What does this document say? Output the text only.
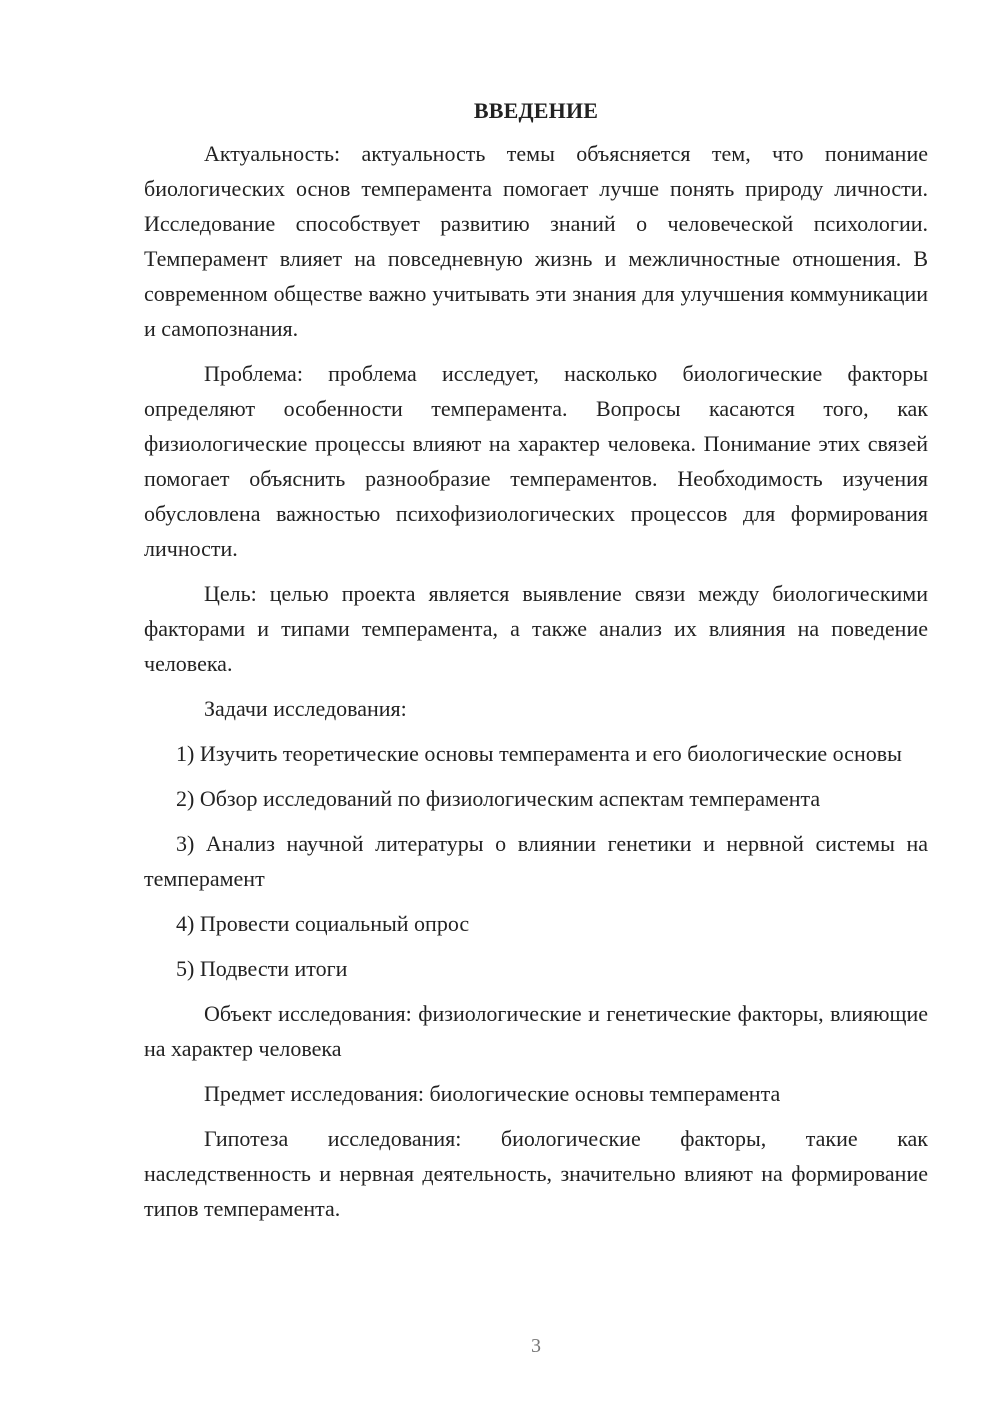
ВВЕДЕНИЕ

Актуальность: актуальность темы объясняется тем, что понимание биологических основ темперамента помогает лучше понять природу личности. Исследование способствует развитию знаний о человеческой психологии. Темперамент влияет на повседневную жизнь и межличностные отношения. В современном обществе важно учитывать эти знания для улучшения коммуникации и самопознания.

Проблема: проблема исследует, насколько биологические факторы определяют особенности темперамента. Вопросы касаются того, как физиологические процессы влияют на характер человека. Понимание этих связей помогает объяснить разнообразие темпераментов. Необходимость изучения обусловлена важностью психофизиологических процессов для формирования личности.

Цель: целью проекта является выявление связи между биологическими факторами и типами темперамента, а также анализ их влияния на поведение человека.

Задачи исследования:

1) Изучить теоретические основы темперамента и его биологические основы

2) Обзор исследований по физиологическим аспектам темперамента

3) Анализ научной литературы о влиянии генетики и нервной системы на темперамент

4) Провести социальный опрос

5) Подвести итоги

Объект исследования: физиологические и генетические факторы, влияющие на характер человека

Предмет исследования: биологические основы темперамента

Гипотеза исследования: биологические факторы, такие как наследственность и нервная деятельность, значительно влияют на формирование типов темперамента.

3
